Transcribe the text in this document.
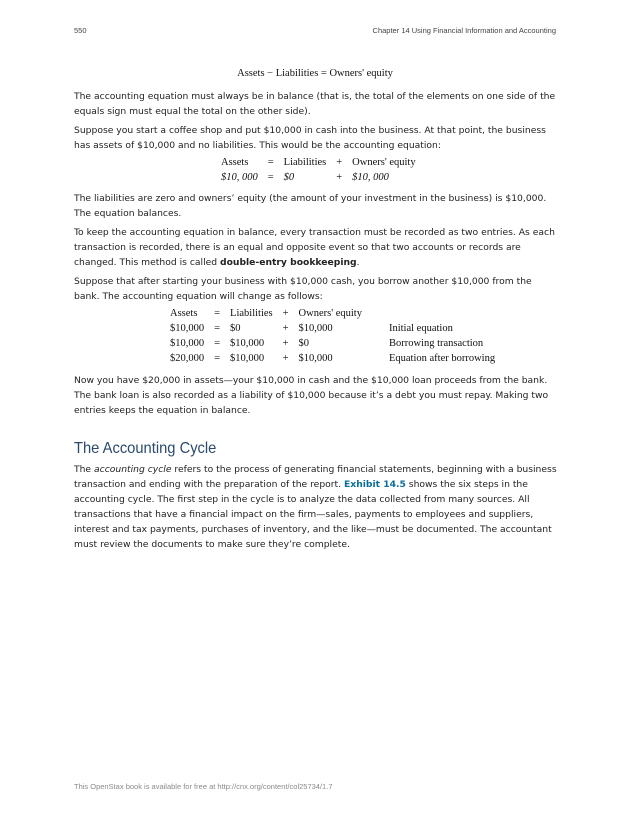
550	Chapter 14 Using Financial Information and Accounting
Assets − Liabilities = Owners' equity

The accounting equation must always be in balance (that is, the total of the elements on one side of the equals sign must equal the total on the other side).

Suppose you start a coffee shop and put $10,000 in cash into the business. At that point, the business has assets of $10,000 and no liabilities. This would be the accounting equation:

Assets	=	Liabilities	+	Owners' equity
$10, 000	=	$0	+	$10, 000

The liabilities are zero and owners’ equity (the amount of your investment in the business) is $10,000. The equation balances.

To keep the accounting equation in balance, every transaction must be recorded as two entries. As each transaction is recorded, there is an equal and opposite event so that two accounts or records are changed. This method is called double-entry bookkeeping.

Suppose that after starting your business with $10,000 cash, you borrow another $10,000 from the bank. The accounting equation will change as follows:

Assets	=	Liabilities	+	Owners' equity	
$10,000	=	$0	+	$10,000	Initial equation
$10,000	=	$10,000	+	$0	Borrowing transaction
$20,000	=	$10,000	+	$10,000	Equation after borrowing

Now you have $20,000 in assets—your $10,000 in cash and the $10,000 loan proceeds from the bank. The bank loan is also recorded as a liability of $10,000 because it’s a debt you must repay. Making two entries keeps the equation in balance.

The Accounting Cycle

The accounting cycle refers to the process of generating financial statements, beginning with a business transaction and ending with the preparation of the report. Exhibit 14.5 shows the six steps in the accounting cycle. The first step in the cycle is to analyze the data collected from many sources. All transactions that have a financial impact on the firm—sales, payments to employees and suppliers, interest and tax payments, purchases of inventory, and the like—must be documented. The accountant must review the documents to make sure they’re complete.

This OpenStax book is available for free at http://cnx.org/content/col25734/1.7
